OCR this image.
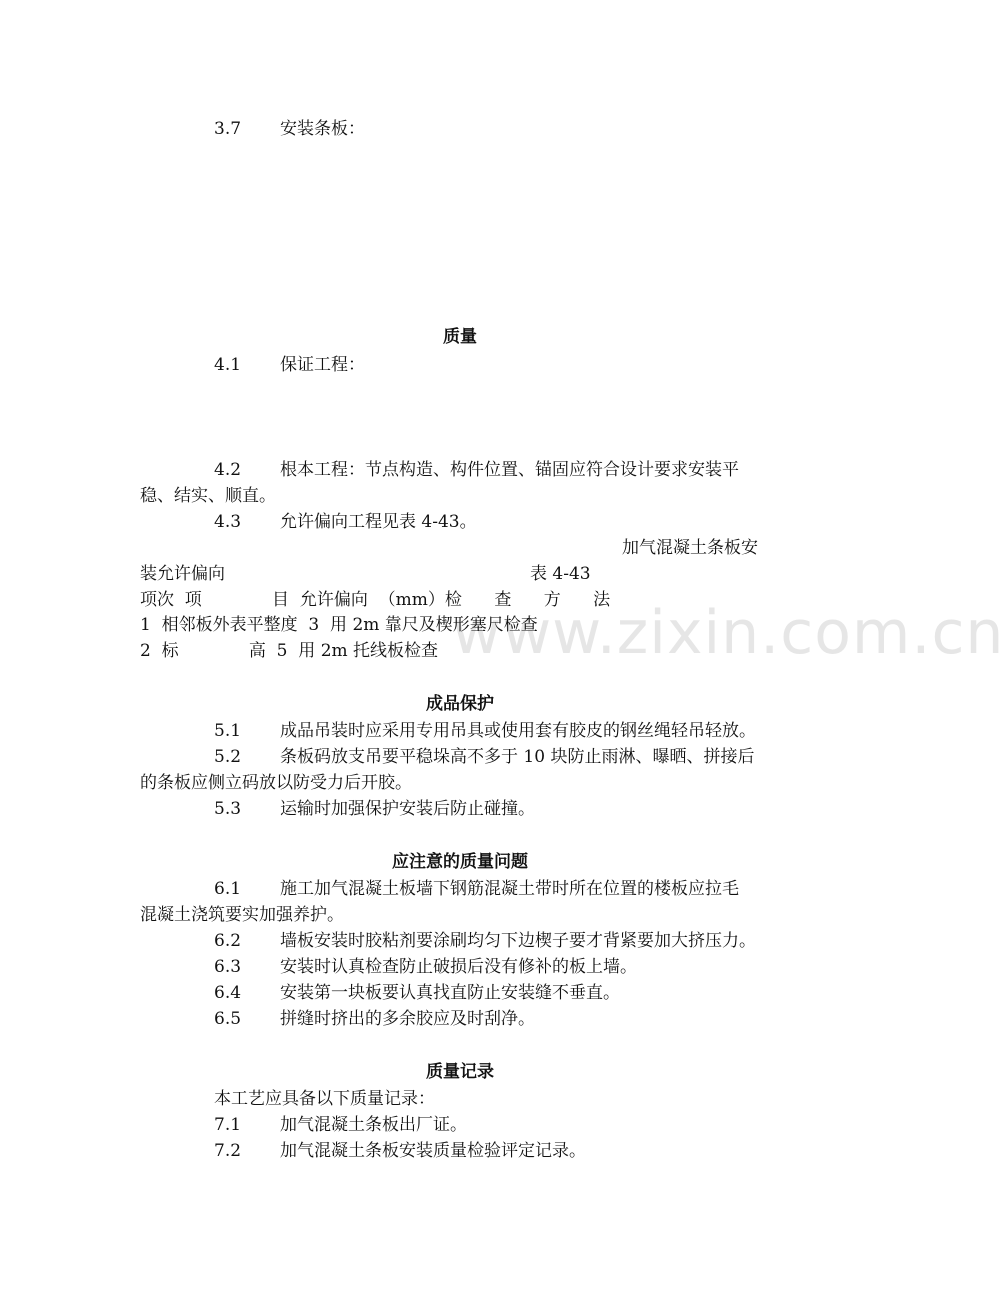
www.zixin.com.cn
3.7 安装条板：
质量
4.1 保证工程：
4.2 根本工程：节点构造、构件位置、锚固应符合设计要求安装平
稳、结实、顺直。
4.3 允许偏向工程见表 4-43。
加气混凝土条板安
装允许偏向	表 4-43
项次  项             目  允许偏向  （mm）检      查      方      法
1  相邻板外表平整度  3  用 2m 靠尺及楔形塞尺检查
2  标             高  5  用 2m 托线板检查
成品保护
5.1 成品吊装时应采用专用吊具或使用套有胶皮的钢丝绳轻吊轻放。
5.2 条板码放支吊要平稳垛高不多于 10 块防止雨淋、曝晒、拼接后
的条板应侧立码放以防受力后开胶。
5.3 运输时加强保护安装后防止碰撞。
应注意的质量问题
6.1 施工加气混凝土板墙下钢筋混凝土带时所在位置的楼板应拉毛
混凝土浇筑要实加强养护。
6.2 墙板安装时胶粘剂要涂刷均匀下边楔子要才背紧要加大挤压力。
6.3 安装时认真检查防止破损后没有修补的板上墙。
6.4 安装第一块板要认真找直防止安装缝不垂直。
6.5 拼缝时挤出的多余胶应及时刮净。
质量记录
本工艺应具备以下质量记录：
7.1 加气混凝土条板出厂证。
7.2 加气混凝土条板安装质量检验评定记录。
